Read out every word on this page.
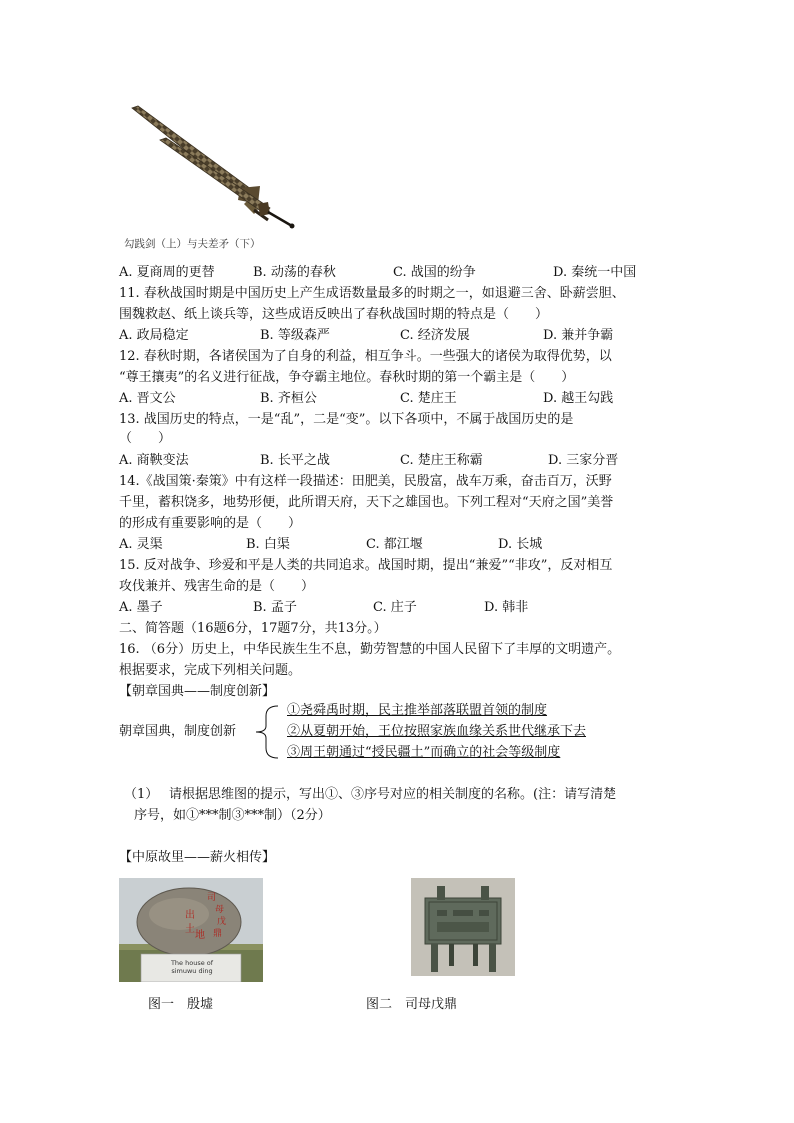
勾践剑（上）与夫差矛（下）
A. 夏商周的更替	B. 动荡的春秋	C. 战国的纷争	D. 秦统一中国
11. 春秋战国时期是中国历史上产生成语数量最多的时期之一，如退避三舍、卧薪尝胆、
围魏救赵、纸上谈兵等，这些成语反映出了春秋战国时期的特点是（　　）
A. 政局稳定	B. 等级森严	C. 经济发展	D. 兼并争霸
12. 春秋时期，各诸侯国为了自身的利益，相互争斗。一些强大的诸侯为取得优势，以
“尊王攘夷”的名义进行征战，争夺霸主地位。春秋时期的第一个霸主是（　　）
A. 晋文公	B. 齐桓公	C. 楚庄王	D. 越王勾践
13. 战国历史的特点，一是“乱”，二是“变”。以下各项中，不属于战国历史的是
（　　）
A. 商鞅变法	B. 长平之战	C. 楚庄王称霸	D. 三家分晋
14.《战国策·秦策》中有这样一段描述：田肥美，民殷富，战车万乘，奋击百万，沃野
千里，蓄积饶多，地势形便，此所谓天府，天下之雄国也。下列工程对“天府之国”美誉
的形成有重要影响的是（　　）
A. 灵渠	B. 白渠	C. 都江堰	D. 长城
15. 反对战争、珍爱和平是人类的共同追求。战国时期，提出“兼爱”“非攻”，反对相互
攻伐兼并、残害生命的是（　　）
A. 墨子	B. 孟子	C. 庄子	D. 韩非
二、简答题（16题6分，17题7分，共13分。）
16. （6分）历史上，中华民族生生不息，勤劳智慧的中国人民留下了丰厚的文明遗产。
根据要求，完成下列相关问题。
【朝章国典——制度创新】
朝章国典，制度创新
①尧舜禹时期，民主推举部落联盟首领的制度
②从夏朝开始，王位按照家族血缘关系世代继承下去
③周王朝通过“授民疆土”而确立的社会等级制度
（1） 请根据思维图的提示，写出①、③序号对应的相关制度的名称。(注：请写清楚
序号，如①***制③***制）（2分）
【中原故里——薪火相传】
司
母
戊
鼎
出
土
地
The house of simuwu ding
图一　殷墟	图二　司母戊鼎
